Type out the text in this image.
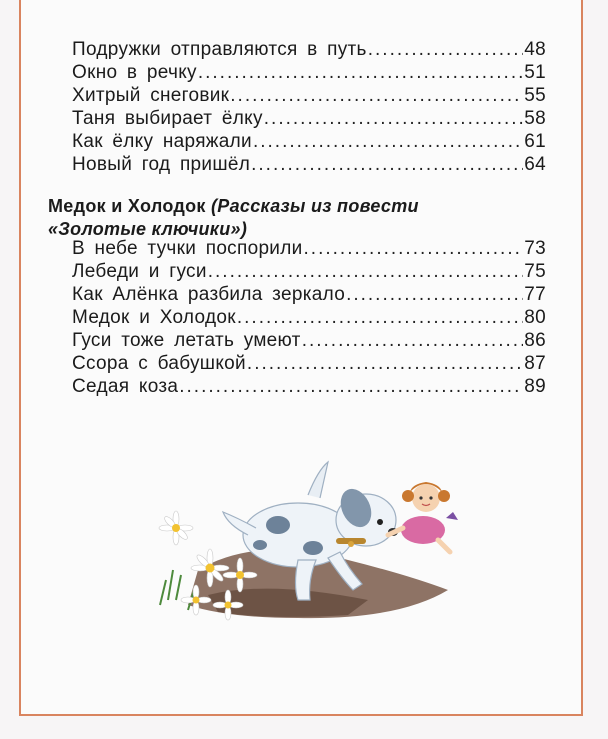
Подружки отправляются в путь .....	48
Окно в речку .....	51
Хитрый снеговик .....	55
Таня выбирает ёлку .....	58
Как ёлку наряжали .....	61
Новый год пришёл .....	64
Медок и Холодок (Рассказы из повести
«Золотые ключики»)
В небе тучки поспорили .....	73
Лебеди и гуси .....	75
Как Алёнка разбила зеркало .....	77
Медок и Холодок .....	80
Гуси тоже летать умеют .....	86
Ссора с бабушкой .....	87
Седая коза .....	89
